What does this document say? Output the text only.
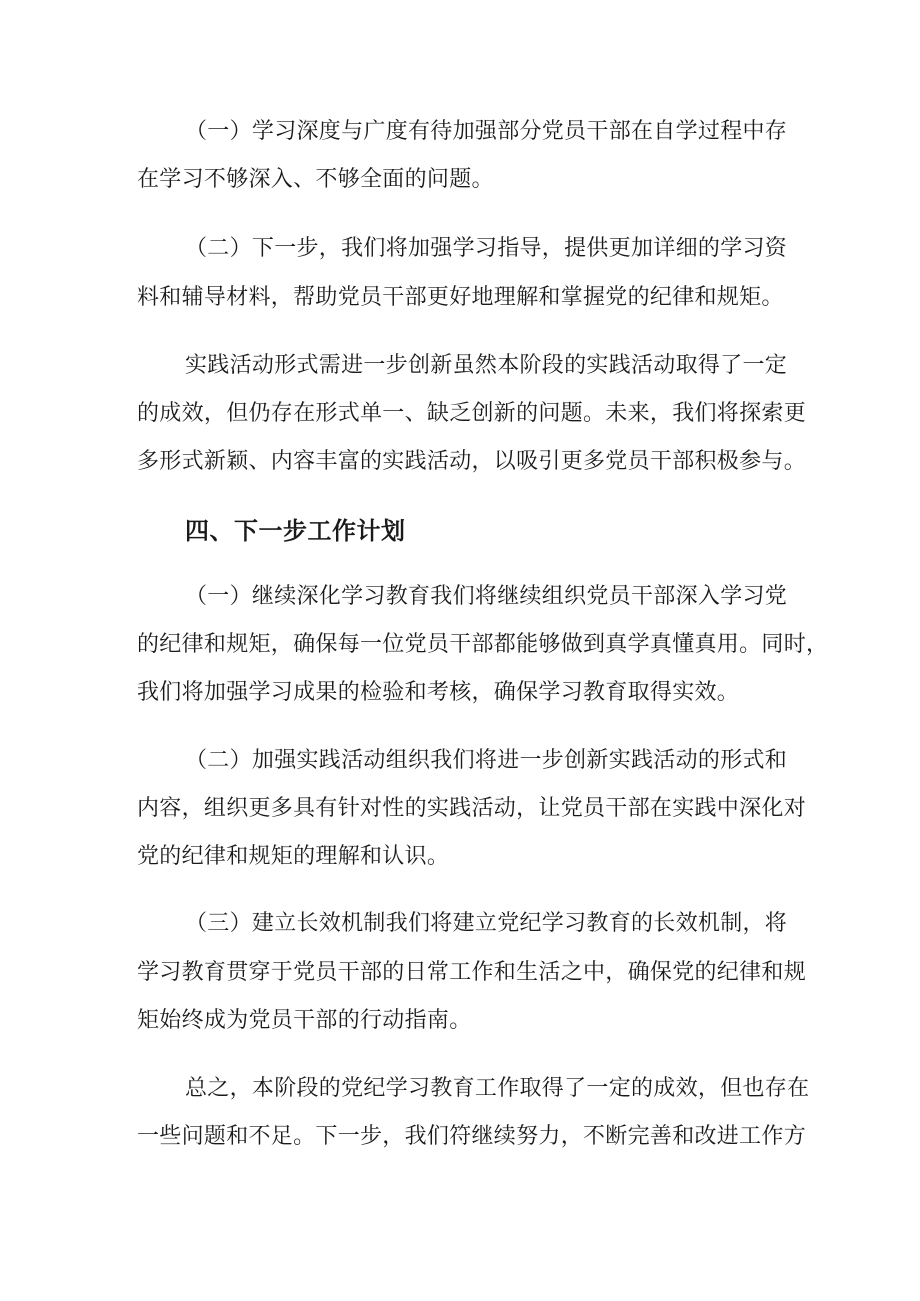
（一）学习深度与广度有待加强部分党员干部在自学过程中存
在学习不够深入、不够全面的问题。
（二）下一步，我们将加强学习指导，提供更加详细的学习资
料和辅导材料，帮助党员干部更好地理解和掌握党的纪律和规矩。
实践活动形式需进一步创新虽然本阶段的实践活动取得了一定
的成效，但仍存在形式单一、缺乏创新的问题。未来，我们将探索更
多形式新颖、内容丰富的实践活动，以吸引更多党员干部积极参与。
四、下一步工作计划
（一）继续深化学习教育我们将继续组织党员干部深入学习党
的纪律和规矩，确保每一位党员干部都能够做到真学真懂真用。同时，
我们将加强学习成果的检验和考核，确保学习教育取得实效。
（二）加强实践活动组织我们将进一步创新实践活动的形式和
内容，组织更多具有针对性的实践活动，让党员干部在实践中深化对
党的纪律和规矩的理解和认识。
（三）建立长效机制我们将建立党纪学习教育的长效机制，将
学习教育贯穿于党员干部的日常工作和生活之中，确保党的纪律和规
矩始终成为党员干部的行动指南。
总之，本阶段的党纪学习教育工作取得了一定的成效，但也存在
一些问题和不足。下一步，我们符继续努力，不断完善和改进工作方
